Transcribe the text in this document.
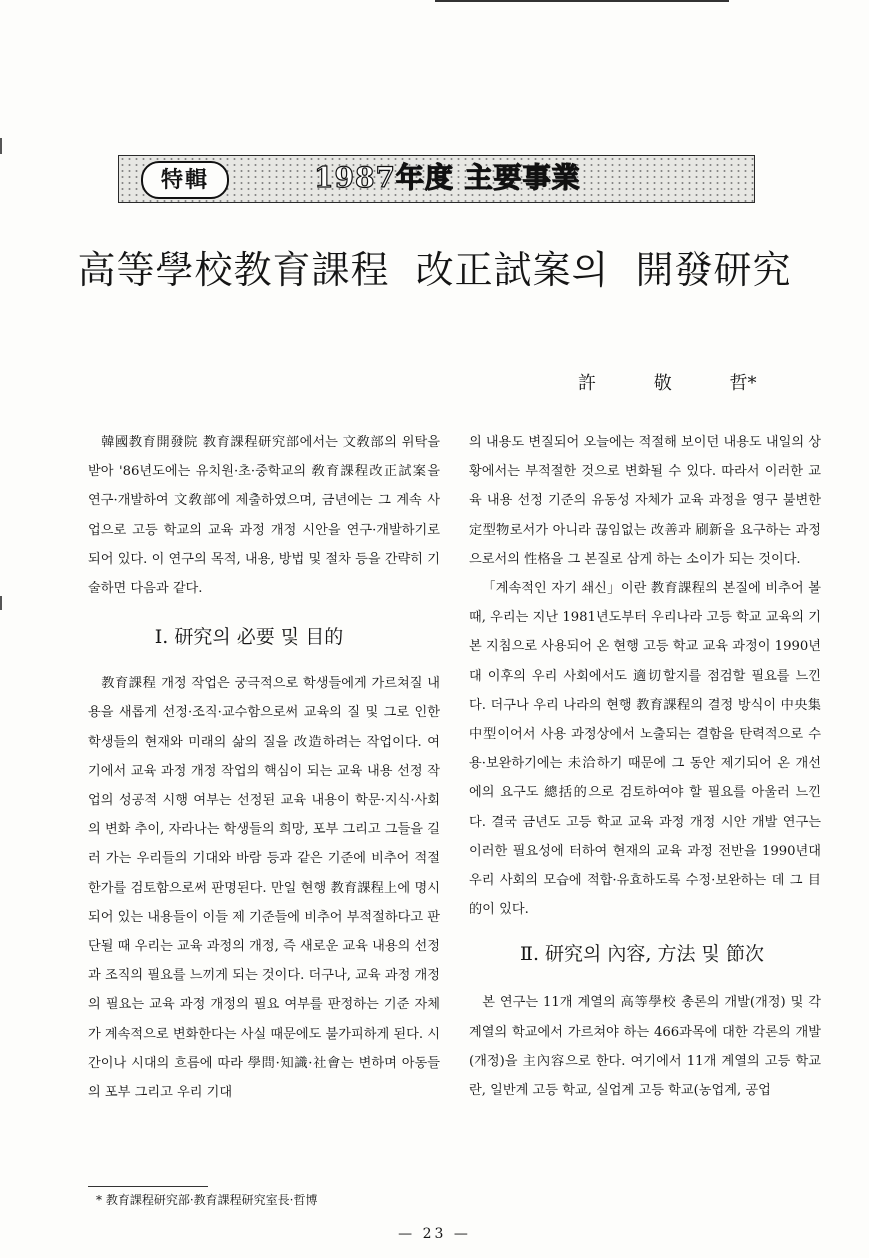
特輯	1987年度 主要事業
高等學校教育課程  改正試案의  開發研究
許 敬 哲*

韓國教育開發院 教育課程研究部에서는 文敎部의 위탁을 받아 '86년도에는 유치원·초·중학교의 敎育課程改正試案을 연구·개발하여 文敎部에 제출하였으며, 금년에는 그 계속 사업으로 고등 학교의 교육 과정 개정 시안을 연구·개발하기로 되어 있다. 이 연구의 목적, 내용, 방법 및 절차 등을 간략히 기술하면 다음과 같다.

Ⅰ. 研究의 必要 및 目的

教育課程 개정 작업은 궁극적으로 학생들에게 가르쳐질 내용을 새롭게 선정·조직·교수함으로써 교육의 질 및 그로 인한 학생들의 현재와 미래의 삶의 질을 改造하려는 작업이다. 여기에서 교육 과정 개정 작업의 핵심이 되는 교육 내용 선정 작업의 성공적 시행 여부는 선정된 교육 내용이 학문·지식·사회의 변화 추이, 자라나는 학생들의 희망, 포부 그리고 그들을 길러 가는 우리들의 기대와 바람 등과 같은 기준에 비추어 적절한가를 검토함으로써 판명된다. 만일 현행 教育課程上에 명시되어 있는 내용들이 이들 제 기준들에 비추어 부적절하다고 판단될 때 우리는 교육 과정의 개정, 즉 새로운 교육 내용의 선정과 조직의 필요를 느끼게 되는 것이다. 더구나, 교육 과정 개정의 필요는 교육 과정 개정의 필요 여부를 판정하는 기준 자체가 계속적으로 변화한다는 사실 때문에도 불가피하게 된다. 시간이나 시대의 흐름에 따라 學問·知識·社會는 변하며 아동들의 포부 그리고 우리 기대

의 내용도 변질되어 오늘에는 적절해 보이던 내용도 내일의 상황에서는 부적절한 것으로 변화될 수 있다. 따라서 이러한 교육 내용 선정 기준의 유동성 자체가 교육 과정을 영구 불변한 定型物로서가 아니라 끊임없는 改善과 刷新을 요구하는 과정으로서의 性格을 그 본질로 삼게 하는 소이가 되는 것이다.

「계속적인 자기 쇄신」이란 教育課程의 본질에 비추어 볼 때, 우리는 지난 1981년도부터 우리나라 고등 학교 교육의 기본 지침으로 사용되어 온 현행 고등 학교 교육 과정이 1990년대 이후의 우리 사회에서도 適切할지를 점검할 필요를 느낀다. 더구나 우리 나라의 현행 教育課程의 결정 방식이 中央集中型이어서 사용 과정상에서 노출되는 결함을 탄력적으로 수용·보완하기에는 未洽하기 때문에 그 동안 제기되어 온 개선에의 요구도 總括的으로 검토하여야 할 필요를 아울러 느낀다. 결국 금년도 고등 학교 교육 과정 개정 시안 개발 연구는 이러한 필요성에 터하여 현재의 교육 과정 전반을 1990년대 우리 사회의 모습에 적합·유효하도록 수정·보완하는 데 그 目的이 있다.

Ⅱ. 研究의 內容, 方法 및 節次

본 연구는 11개 계열의 高等學校 총론의 개발(개정) 및 각 계열의 학교에서 가르쳐야 하는 466과목에 대한 각론의 개발(개정)을 主內容으로 한다. 여기에서 11개 계열의 고등 학교란, 일반계 고등 학교, 실업계 고등 학교(농업계, 공업

* 教育課程研究部·教育課程研究室長·哲博
— 23 —
